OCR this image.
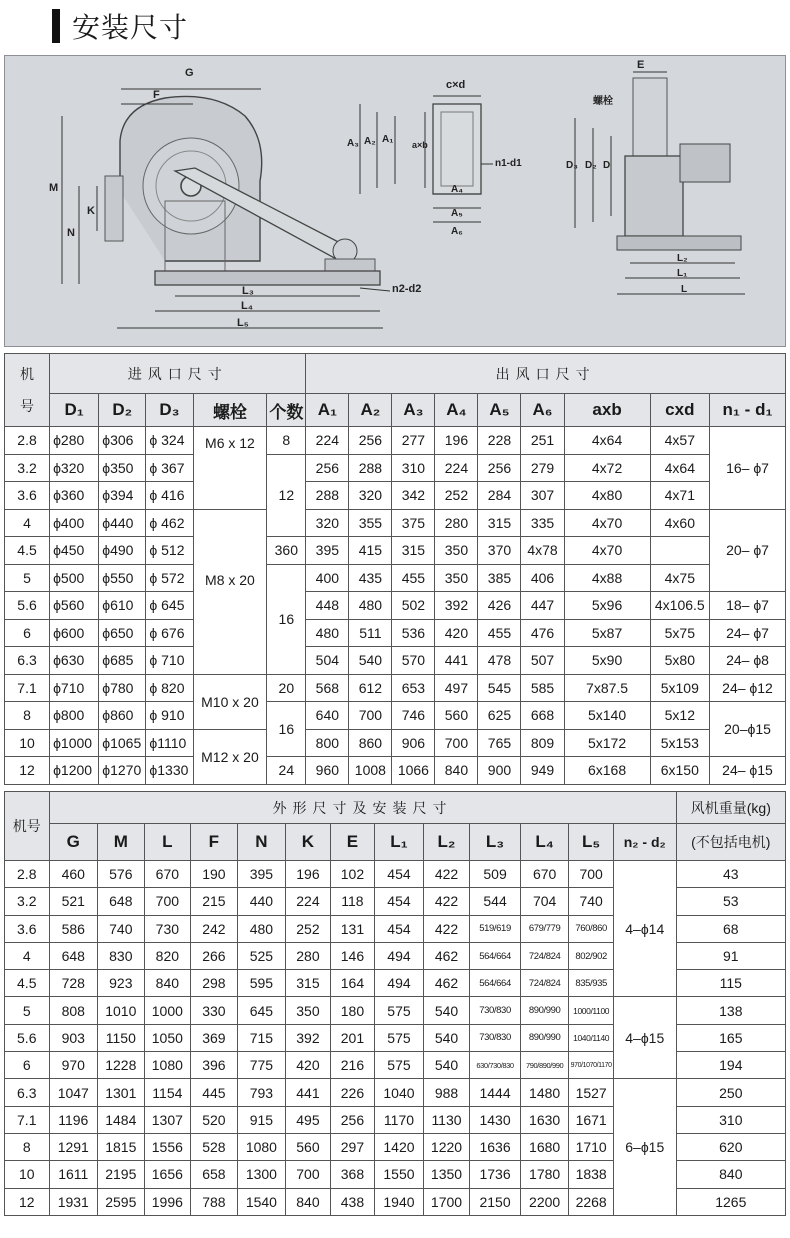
安装尺寸
G
F
M
N
K
L₃
L₄
L₅
n2-d2
c×d
A₃ A₂ A₁ a×b
n1-d1
A₄
A₅
A₆
E
螺栓
D₃ D₂ D
L₂
L₁
L
机
号	进风口尺寸					出风口尺寸								
	D₁	D₂	D₃	螺栓	个数	A₁	A₂	A₃	A₄	A₅	A₆	axb	cxd	n₁ - d₁
2.8	ϕ280	ϕ306	ϕ 324	M6 x 12	8	224	256	277	196	228	251	4x64	4x57	16– ϕ7
3.2	ϕ320	ϕ350	ϕ 367		12	256	288	310	224	256	279	4x72	4x64	
3.6	ϕ360	ϕ394	ϕ 416			288	320	342	252	284	307	4x80	4x71	
4	ϕ400	ϕ440	ϕ 462	M8 x 20		320	355	375	280	315	335	4x70	4x60	20– ϕ7
4.5	ϕ450	ϕ490	ϕ 512		360	395	415	315	350	370	4x78	4x70		
5	ϕ500	ϕ550	ϕ 572		16	400	435	455	350	385	406	4x88	4x75	
5.6	ϕ560	ϕ610	ϕ 645			448	480	502	392	426	447	5x96	4x106.5	18– ϕ7
6	ϕ600	ϕ650	ϕ 676			480	511	536	420	455	476	5x87	5x75	24– ϕ7
6.3	ϕ630	ϕ685	ϕ 710			504	540	570	441	478	507	5x90	5x80	24– ϕ8
7.1	ϕ710	ϕ780	ϕ 820	M10 x 20	20	568	612	653	497	545	585	7x87.5	5x109	24– ϕ12
8	ϕ800	ϕ860	ϕ 910		16	640	700	746	560	625	668	5x140	5x12	20–ϕ15
10	ϕ1000	ϕ1065	ϕ1110	M12 x 20		800	860	906	700	765	809	5x172	5x153	
12	ϕ1200	ϕ1270	ϕ1330		24	960	1008	1066	840	900	949	6x168	6x150	24– ϕ15
机号	外形尺寸及安装尺寸													风机重量(kg)
	G	M	L	F	N	K	E	L₁	L₂	L₃	L₄	L₅	n₂ - d₂	(不包括电机)
2.8	460	576	670	190	395	196	102	454	422	509	670	700	4–ϕ14	43
3.2	521	648	700	215	440	224	118	454	422	544	704	740		53
3.6	586	740	730	242	480	252	131	454	422	519/619	679/779	760/860		68
4	648	830	820	266	525	280	146	494	462	564/664	724/824	802/902		91
4.5	728	923	840	298	595	315	164	494	462	564/664	724/824	835/935		115
5	808	1010	1000	330	645	350	180	575	540	730/830	890/990	1000/1100	4–ϕ15	138
5.6	903	1150	1050	369	715	392	201	575	540	730/830	890/990	1040/1140		165
6	970	1228	1080	396	775	420	216	575	540	630/730/830	790/890/990	970/1070/1170		194
6.3	1047	1301	1154	445	793	441	226	1040	988	1444	1480	1527	6–ϕ15	250
7.1	1196	1484	1307	520	915	495	256	1170	1130	1430	1630	1671		310
8	1291	1815	1556	528	1080	560	297	1420	1220	1636	1680	1710		620
10	1611	2195	1656	658	1300	700	368	1550	1350	1736	1780	1838		840
12	1931	2595	1996	788	1540	840	438	1940	1700	2150	2200	2268		1265
